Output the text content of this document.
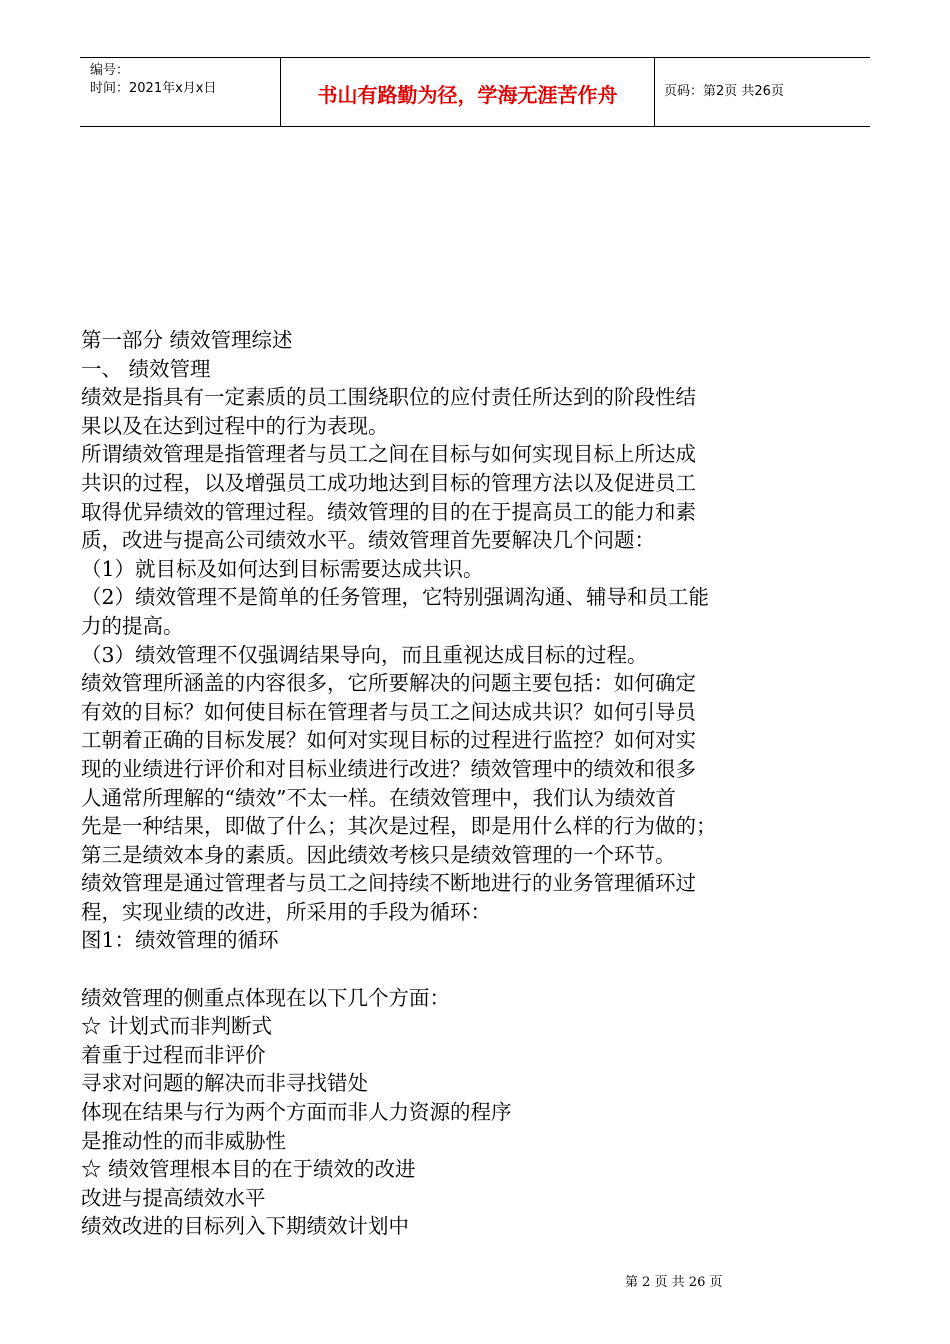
编号：
时间：2021年x月x日	书山有路勤为径，学海无涯苦作舟	页码：第2页 共26页

第一部分 绩效管理综述

一、 绩效管理

绩效是指具有一定素质的员工围绕职位的应付责任所达到的阶段性结

果以及在达到过程中的行为表现。

所谓绩效管理是指管理者与员工之间在目标与如何实现目标上所达成

共识的过程，以及增强员工成功地达到目标的管理方法以及促进员工

取得优异绩效的管理过程。绩效管理的目的在于提高员工的能力和素

质，改进与提高公司绩效水平。绩效管理首先要解决几个问题：

（1）就目标及如何达到目标需要达成共识。

（2）绩效管理不是简单的任务管理，它特别强调沟通、辅导和员工能

力的提高。

（3）绩效管理不仅强调结果导向，而且重视达成目标的过程。

绩效管理所涵盖的内容很多，它所要解决的问题主要包括：如何确定

有效的目标？如何使目标在管理者与员工之间达成共识？如何引导员

工朝着正确的目标发展？如何对实现目标的过程进行监控？如何对实

现的业绩进行评价和对目标业绩进行改进？绩效管理中的绩效和很多

人通常所理解的“绩效”不太一样。在绩效管理中，我们认为绩效首

先是一种结果，即做了什么；其次是过程，即是用什么样的行为做的；

第三是绩效本身的素质。因此绩效考核只是绩效管理的一个环节。

绩效管理是通过管理者与员工之间持续不断地进行的业务管理循环过

程，实现业绩的改进，所采用的手段为循环：

图1：绩效管理的循环

绩效管理的侧重点体现在以下几个方面：

☆ 计划式而非判断式

着重于过程而非评价

寻求对问题的解决而非寻找错处

体现在结果与行为两个方面而非人力资源的程序

是推动性的而非威胁性

☆ 绩效管理根本目的在于绩效的改进

改进与提高绩效水平

绩效改进的目标列入下期绩效计划中

第 2 页 共 26 页
